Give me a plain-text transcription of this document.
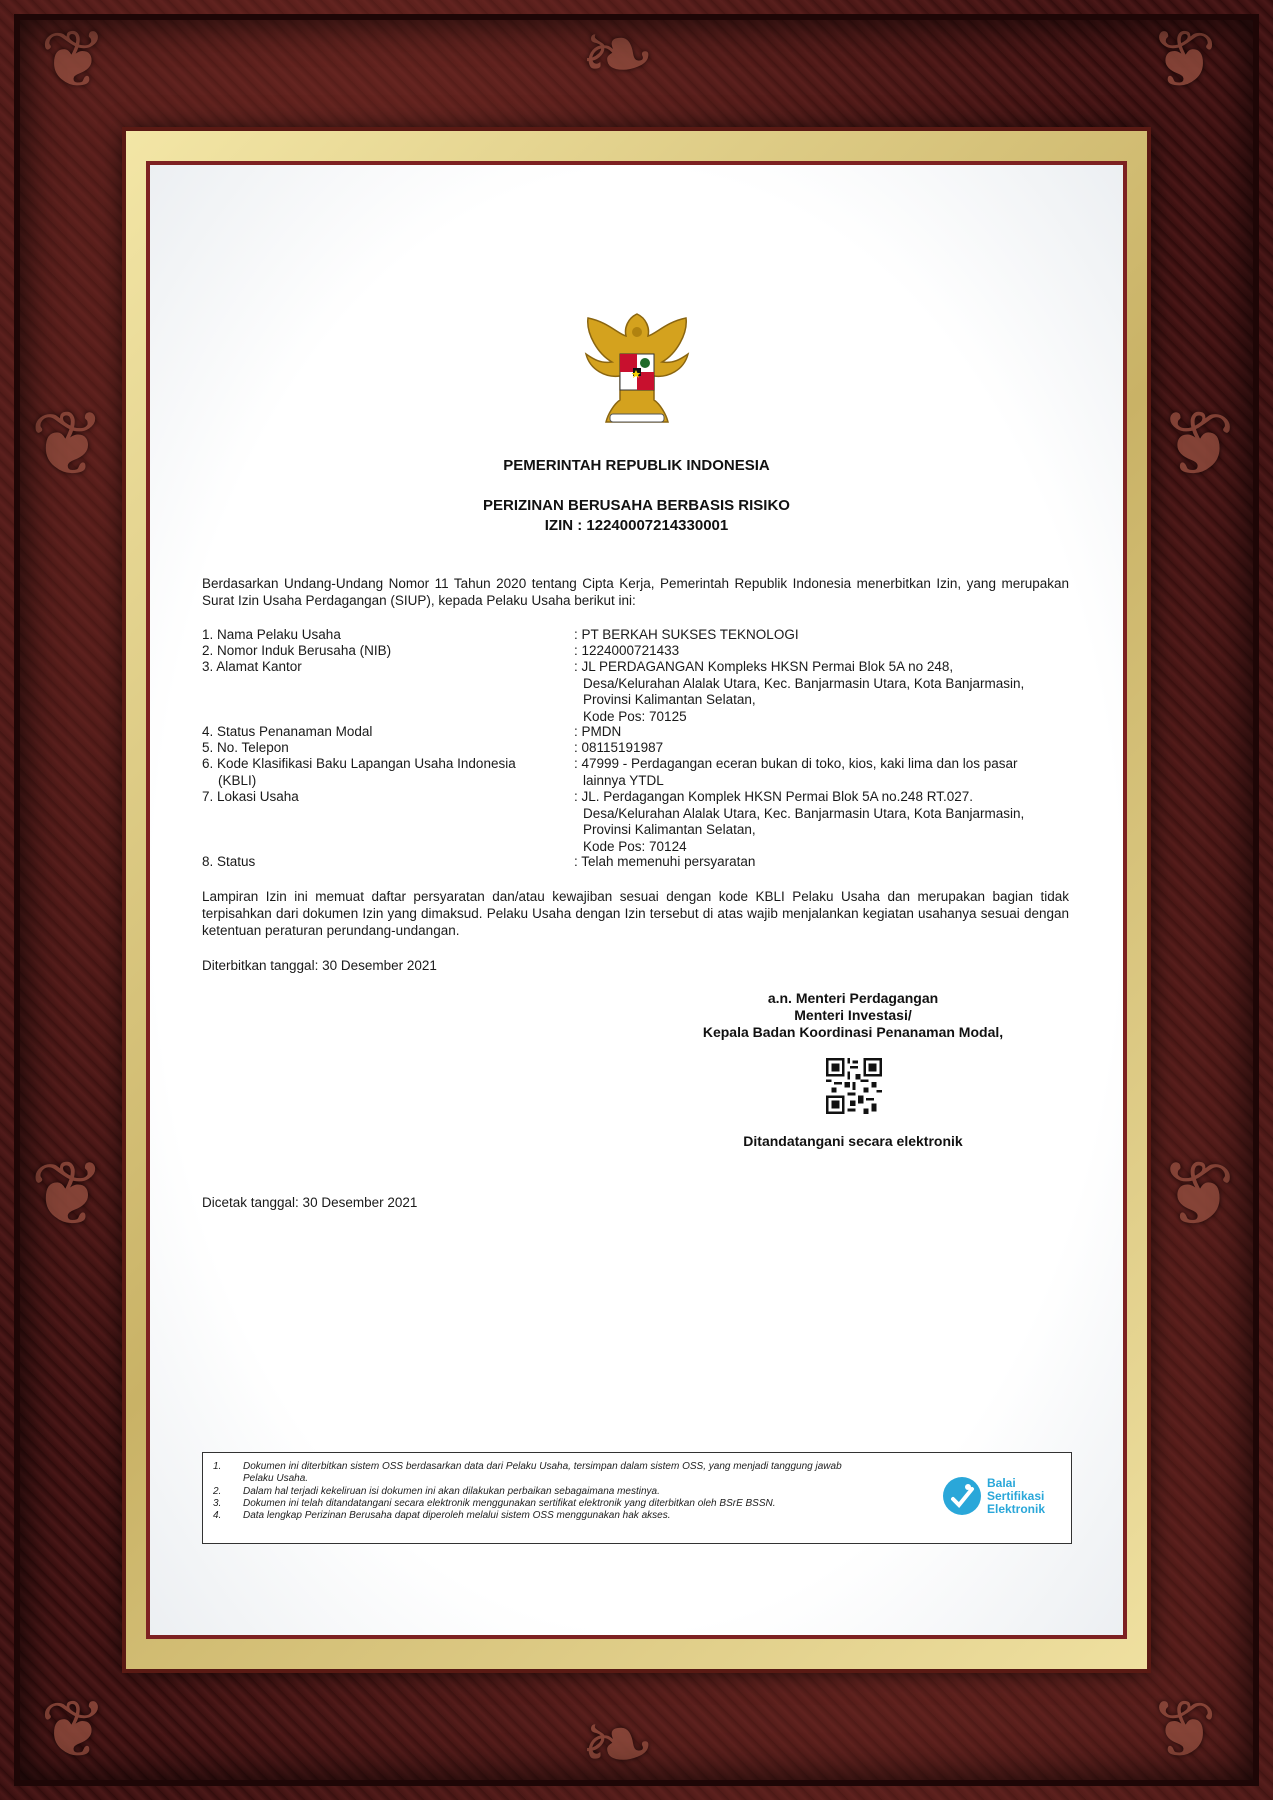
❦	❦
❧
❦	❦
❧
❦
❦
❦
❦
PEMERINTAH REPUBLIK INDONESIA
PERIZINAN BERUSAHA BERBASIS RISIKO
IZIN : 12240007214330001
Berdasarkan Undang-Undang Nomor 11 Tahun 2020 tentang Cipta Kerja, Pemerintah Republik Indonesia menerbitkan Izin, yang merupakan Surat Izin Usaha Perdagangan (SIUP), kepada Pelaku Usaha berikut ini:
1. Nama Pelaku Usaha	: PT BERKAH SUKSES TEKNOLOGI
2. Nomor Induk Berusaha (NIB)	: 1224000721433
3. Alamat Kantor	: JL PERDAGANGAN Kompleks HKSN Permai Blok 5A no 248,
Desa/Kelurahan Alalak Utara, Kec. Banjarmasin Utara, Kota Banjarmasin,
Provinsi Kalimantan Selatan,
Kode Pos: 70125
4. Status Penanaman Modal	: PMDN
5. No. Telepon	: 08115191987
6. Kode Klasifikasi Baku Lapangan Usaha Indonesia
(KBLI)
: 47999 - Perdagangan eceran bukan di toko, kios, kaki lima dan los pasar
lainnya YTDL
7. Lokasi Usaha	: JL. Perdagangan Komplek HKSN Permai Blok 5A no.248 RT.027.
Desa/Kelurahan Alalak Utara, Kec. Banjarmasin Utara, Kota Banjarmasin,
Provinsi Kalimantan Selatan,
Kode Pos: 70124
8. Status	: Telah memenuhi persyaratan
Lampiran Izin ini memuat daftar persyaratan dan/atau kewajiban sesuai dengan kode KBLI Pelaku Usaha dan merupakan bagian tidak terpisahkan dari dokumen Izin yang dimaksud. Pelaku Usaha dengan Izin tersebut di atas wajib menjalankan kegiatan usahanya sesuai dengan ketentuan peraturan perundang-undangan.
Diterbitkan tanggal: 30 Desember 2021
a.n. Menteri Perdagangan
Menteri Investasi/
Kepala Badan Koordinasi Penanaman Modal,
Ditandatangani secara elektronik
Dicetak tanggal: 30 Desember 2021
1.	Dokumen ini diterbitkan sistem OSS berdasarkan data dari Pelaku Usaha, tersimpan dalam sistem OSS, yang menjadi tanggung jawab
Pelaku Usaha.
2.	Dalam hal terjadi kekeliruan isi dokumen ini akan dilakukan perbaikan sebagaimana mestinya.
3.	Dokumen ini telah ditandatangani secara elektronik menggunakan sertifikat elektronik yang diterbitkan oleh BSrE BSSN.
4.	Data lengkap Perizinan Berusaha dapat diperoleh melalui sistem OSS menggunakan hak akses.
Balai
Sertifikasi
Elektronik
